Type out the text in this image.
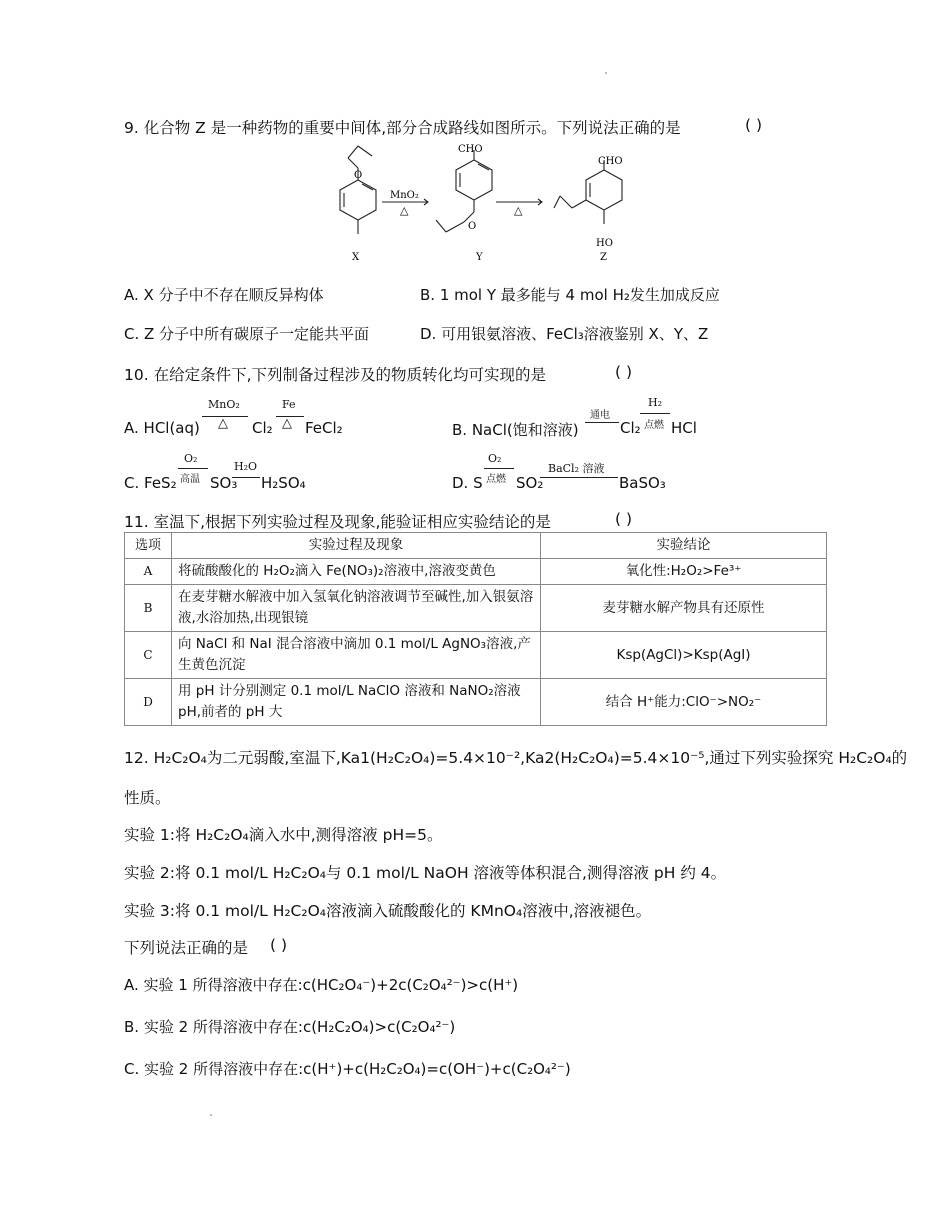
9. 化合物 Z 是一种药物的重要中间体,部分合成路线如图所示。下列说法正确的是	( )
CHO
O
O
CHO
HO
MnO₂
△	△
X	Y	Z
A. X 分子中不存在顺反异构体	B. 1 mol Y 最多能与 4 mol H₂发生加成反应
C. Z 分子中所有碳原子一定能共平面	D. 可用银氨溶液、FeCl₃溶液鉴别 X、Y、Z
10. 在给定条件下,下列制备过程涉及的物质转化均可实现的是	( )
A. HCl(aq)
MnO₂
△ Cl₂
Fe
△ FeCl₂	B. NaCl(饱和溶液)
通电
Cl₂
H₂
点燃 HCl
C. FeS₂
O₂
高温 SO₃
H₂O
H₂SO₄	D. S
O₂
点燃 SO₂
BaCl₂ 溶液
BaSO₃
11. 室温下,根据下列实验过程及现象,能验证相应实验结论的是	( )
选项	实验过程及现象	实验结论
A	将硫酸酸化的 H₂O₂滴入 Fe(NO₃)₂溶液中,溶液变黄色	氧化性:H₂O₂>Fe³⁺
B	在麦芽糖水解液中加入氢氧化钠溶液调节至碱性,加入银氨溶液,水浴加热,出现银镜	麦芽糖水解产物具有还原性
C	向 NaCl 和 NaI 混合溶液中滴加 0.1 mol/L AgNO₃溶液,产生黄色沉淀	Ksp(AgCl)>Ksp(AgI)
D	用 pH 计分别测定 0.1 mol/L NaClO 溶液和 NaNO₂溶液 pH,前者的 pH 大	结合 H⁺能力:ClO⁻>NO₂⁻
12. H₂C₂O₄为二元弱酸,室温下,Ka1(H₂C₂O₄)=5.4×10⁻²,Ka2(H₂C₂O₄)=5.4×10⁻⁵,通过下列实验探究 H₂C₂O₄的
性质。
实验 1:将 H₂C₂O₄滴入水中,测得溶液 pH=5。
实验 2:将 0.1 mol/L H₂C₂O₄与 0.1 mol/L NaOH 溶液等体积混合,测得溶液 pH 约 4。
实验 3:将 0.1 mol/L H₂C₂O₄溶液滴入硫酸酸化的 KMnO₄溶液中,溶液褪色。
下列说法正确的是 ( )
A. 实验 1 所得溶液中存在:c(HC₂O₄⁻)+2c(C₂O₄²⁻)>c(H⁺)
B. 实验 2 所得溶液中存在:c(H₂C₂O₄)>c(C₂O₄²⁻)
C. 实验 2 所得溶液中存在:c(H⁺)+c(H₂C₂O₄)=c(OH⁻)+c(C₂O₄²⁻)
